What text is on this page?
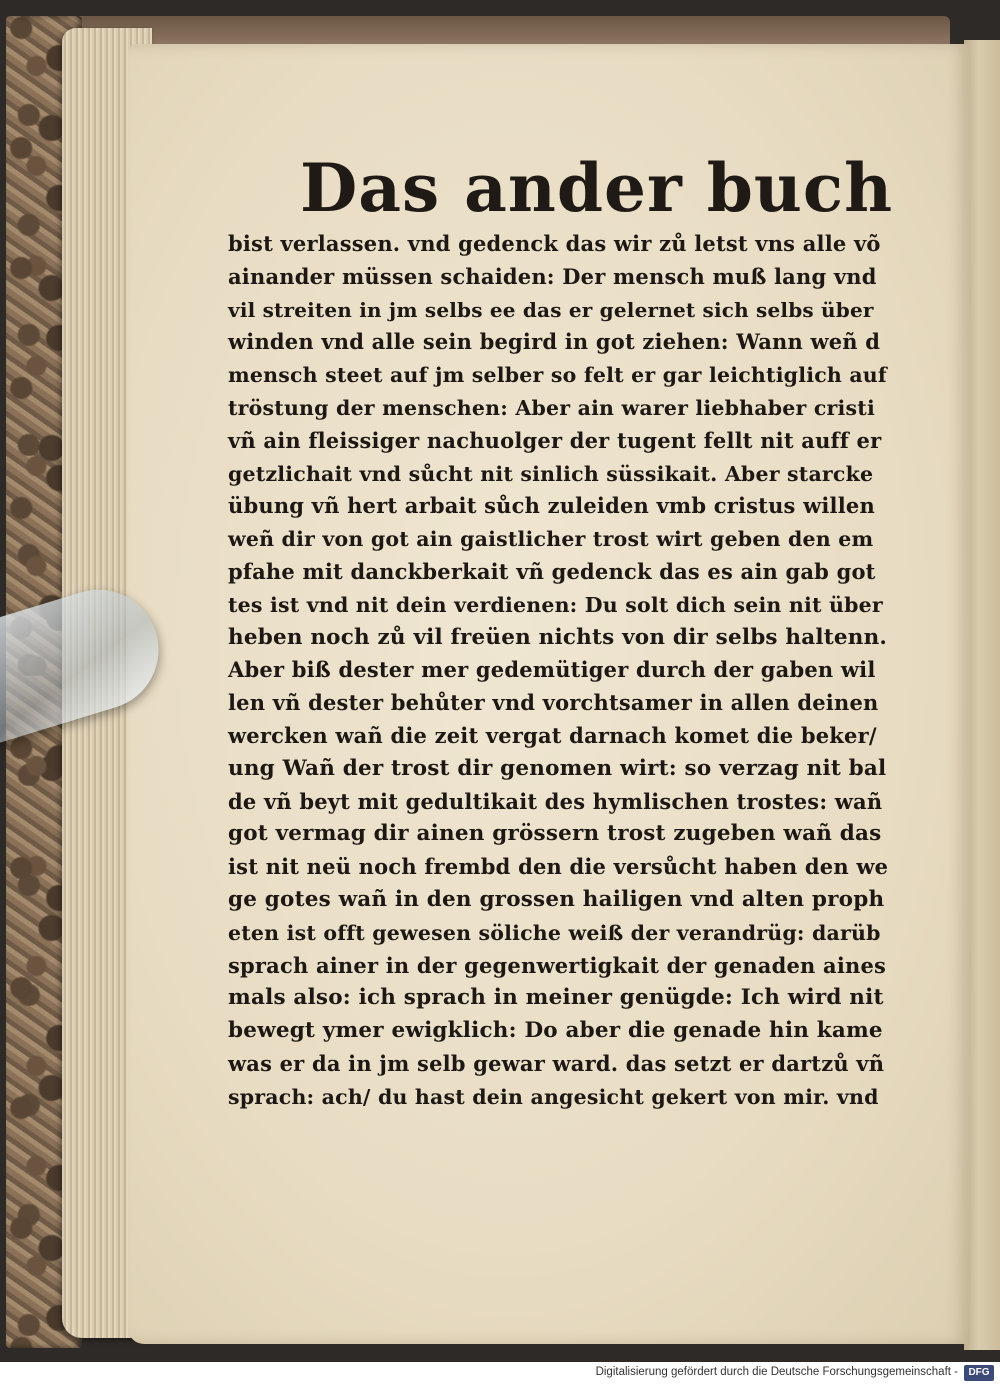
Das ander buch
bist verlassen. vnd gedenck das wir zů letst vns alle võ
ainander müssen schaiden: Der mensch muß lang vnd
vil streiten in jm selbs ee das er gelernet sich selbs über
winden vnd alle sein begird in got ziehen: Wann weñ d
mensch steet auf jm selber so felt er gar leichtiglich auf
tröstung der menschen: Aber ain warer liebhaber cristi
vñ ain fleissiger nachuolger der tugent fellt nit auff er
getzlichait vnd sůcht nit sinlich süssikait. Aber starcke
übung vñ hert arbait sůch zuleiden vmb cristus willen
weñ dir von got ain gaistlicher trost wirt geben den em
pfahe mit danckberkait vñ gedenck das es ain gab got
tes ist vnd nit dein verdienen: Du solt dich sein nit über
heben noch zů vil freüen nichts von dir selbs haltenn.
Aber biß dester mer gedemütiger durch der gaben wil
len vñ dester behůter vnd vorchtsamer in allen deinen
wercken wañ die zeit vergat darnach komet die beker/
ung Wañ der trost dir genomen wirt: so verzag nit bal
de vñ beyt mit gedultikait des hymlischen trostes: wañ
got vermag dir ainen grössern trost zugeben wañ das
ist nit neü noch frembd den die versůcht haben den we
ge gotes wañ in den grossen hailigen vnd alten proph
eten ist offt gewesen söliche weiß der verandrüg: darüb
sprach ainer in der gegenwertigkait der genaden aines
mals also: ich sprach in meiner genügde: Ich wird nit
bewegt ymer ewigklich: Do aber die genade hin kame
was er da in jm selb gewar ward. das setzt er dartzů vñ
sprach: ach/ du hast dein angesicht gekert von mir. vnd
Digitalisierung gefördert durch die Deutsche Forschungsgemeinschaft -	DFG
